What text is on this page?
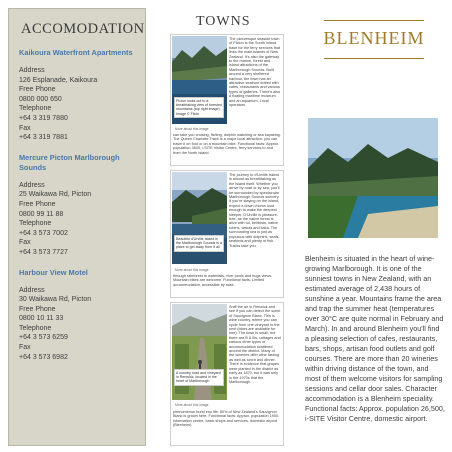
ACCOMODATION
Kaikoura Waterfront Apartments
Address
126 Esplanade, Kaikoura
Free Phone
0800 000 650
Telephone
+64 3 319 7880
Fax
+64 3 319 7881
Mercure Picton Marlborough Sounds
Address
25 Waikawa Rd, Picton
Free Phone
0800 99 11 88
Telephone
+64 3 573 7002
Fax
+64 3 573 7727
Harbour View Motel
Address
30 Waikawa Rd, Picton
Free Phone
0800 10 11 33
Telephone
+64 3 573 6259
Fax
+64 3 573 6982
TOWNS
Picton looks out to a breathtaking view of forested mountains (top right image) Image © Flickr
More about this image
The picturesque seaside town of Picton is the South Island base for the ferry services that links the main islands of New Zealand. It's also the gateway to the marine, forest and island attractions of the Marlborough Sounds. Built around a very sheltered harbour, the town has an attractive seafront dotted with cafes, restaurants and various types of galleries. There's also a floating maritime museum and an aquarium. Local operators
can take you cruising, fishing, dolphin watching or sea kayaking. The Queen Charlotte Track is a major local attraction; you can travel it on foot or on a mountain bike. Functional facts: Approx. population 3600, i-SITE Visitor Centre, ferry services to and from the North Island.
Beautiful d'Urville Island in the Marlborough Sounds is a place to get away from it all
More about this image
The journey to d'Urville Island is almost as breathtaking as the island itself. Whether you arrive by road or by sea, you'll be surrounded by spectacular Marlborough Sounds scenery. If you're staying on the island, expect a down chorus loud enough to wake the deepest sleeper. D'Urville is pleasure-free, as the native forest is alive with tui, bellbirds, native robins, wekas and kaka. The surrounding sea is just as populous with dolphins, seals, seabirds and plenty of fish. Tracks take you
through rainforest to waterfalls, river pools and huge views. Mountain bikes are welcome. Functional facts: Limited accommodation, accessible by road.
A country road and vineyard in Renwick, located in the heart of Marlborough
More about this image
Sniff the air in Renwick and see if you can detect the scent of Sauvignon Blanc. This is wine country, where you can cycle from one vineyard to the next (bikes are available for hire). The town is small, but there are B & Bs, cottages and various other types of accommodation scattered around the district. Many of the wineries offer wine tasting as well as lunch and dinner. There is evidence that grapes were planted in the district as early as 1870, but it was only in the 1970s that the Marlborough
phenomenon burst into life. 80% of New Zealand's Sauvignon Blanc is grown here. Functional facts: Approx. population 1900, information centre, basic shops and services, domestic airport (Blenheim).
BLENHEIM
Blenheim is situated in the heart of wine-growing Marlborough. It is one of the sunniest towns in New Zealand, with an estimated average of 2,438 hours of sunshine a year. Mountains frame the area and trap the summer heat (temperatures over 30°C are quite normal in February and March). In and around Blenheim you'll find a pleasing selection of cafes, restaurants, bars, shops, artisan food outlets and golf courses. There are more than 20 wineries within driving distance of the town, and most of them welcome visitors for sampling sessions and cellar door sales. Character accommodation is a Blenheim speciality. Functional facts: Approx. population 26,500, i-SITE Visitor Centre, domestic airport.
